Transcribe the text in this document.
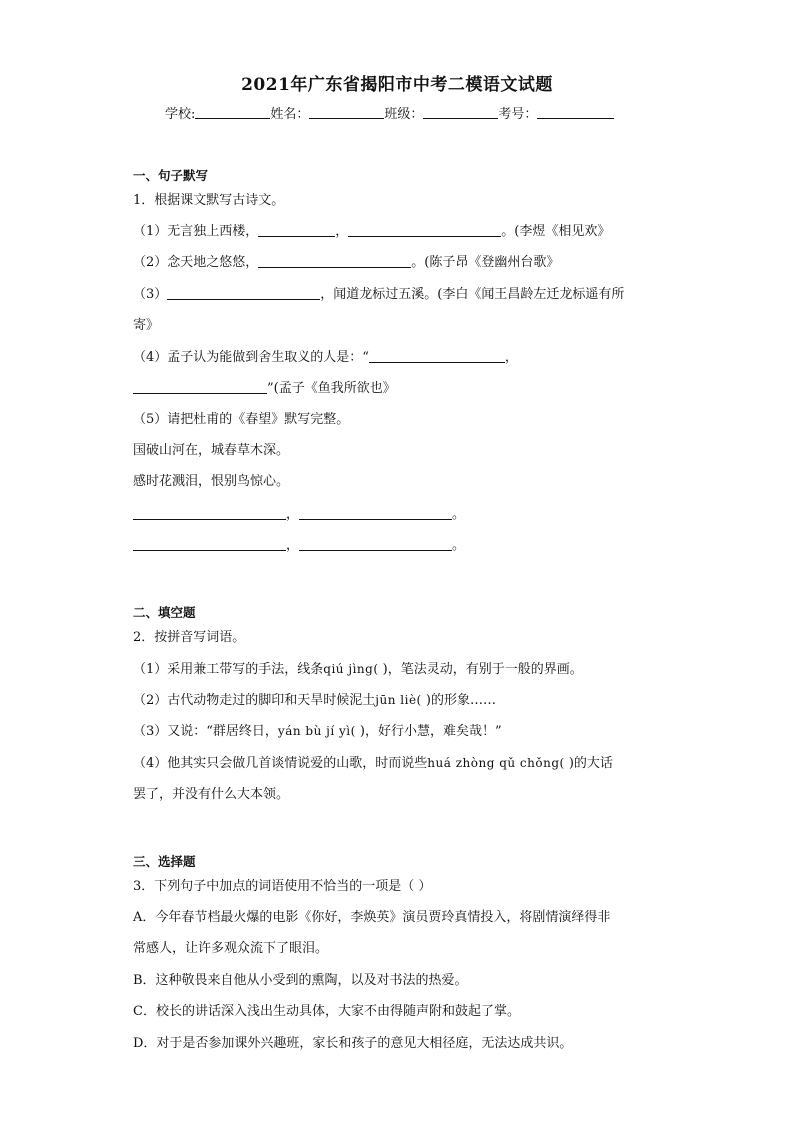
2021年广东省揭阳市中考二模语文试题
学校:	姓名：	班级：	考号：
一、句子默写
1．根据课文默写古诗文。
（1）无言独上西楼，	，	。(李煜《相见欢》
（2）念天地之悠悠，	。(陈子昂《登幽州台歌》
（3）	，闻道龙标过五溪。(李白《闻王昌龄左迁龙标遥有所
寄》
（4）孟子认为能做到舍生取义的人是：“	，
”(孟子《鱼我所欲也》
（5）请把杜甫的《春望》默写完整。
国破山河在，城春草木深。
感时花溅泪，恨别鸟惊心。
，	。
，	。
二、填空题
2．按拼音写词语。
（1）采用兼工带写的手法，线条qiú jìng( )，笔法灵动，有别于一般的界画。
（2）古代动物走过的脚印和天旱时候泥土jūn liè( )的形象……
（3）又说：“群居终日，yán bù jí yì( )，好行小慧，难矣哉！”
（4）他其实只会做几首谈情说爱的山歌，时而说些huá zhòng qǔ chǒng( )的大话
罢了，并没有什么大本领。
三、选择题
3．下列句子中加点的词语使用不恰当的一项是（ ）
A．今年春节档最火爆的电影《你好，李焕英》演员贾玲真情投入，将剧情演绎得非
常感人，让许多观众流下了眼泪。
B．这种敬畏来自他从小受到的熏陶，以及对书法的热爱。
C．校长的讲话深入浅出生动具体，大家不由得随声附和鼓起了掌。
D．对于是否参加课外兴趣班，家长和孩子的意见大相径庭，无法达成共识。
